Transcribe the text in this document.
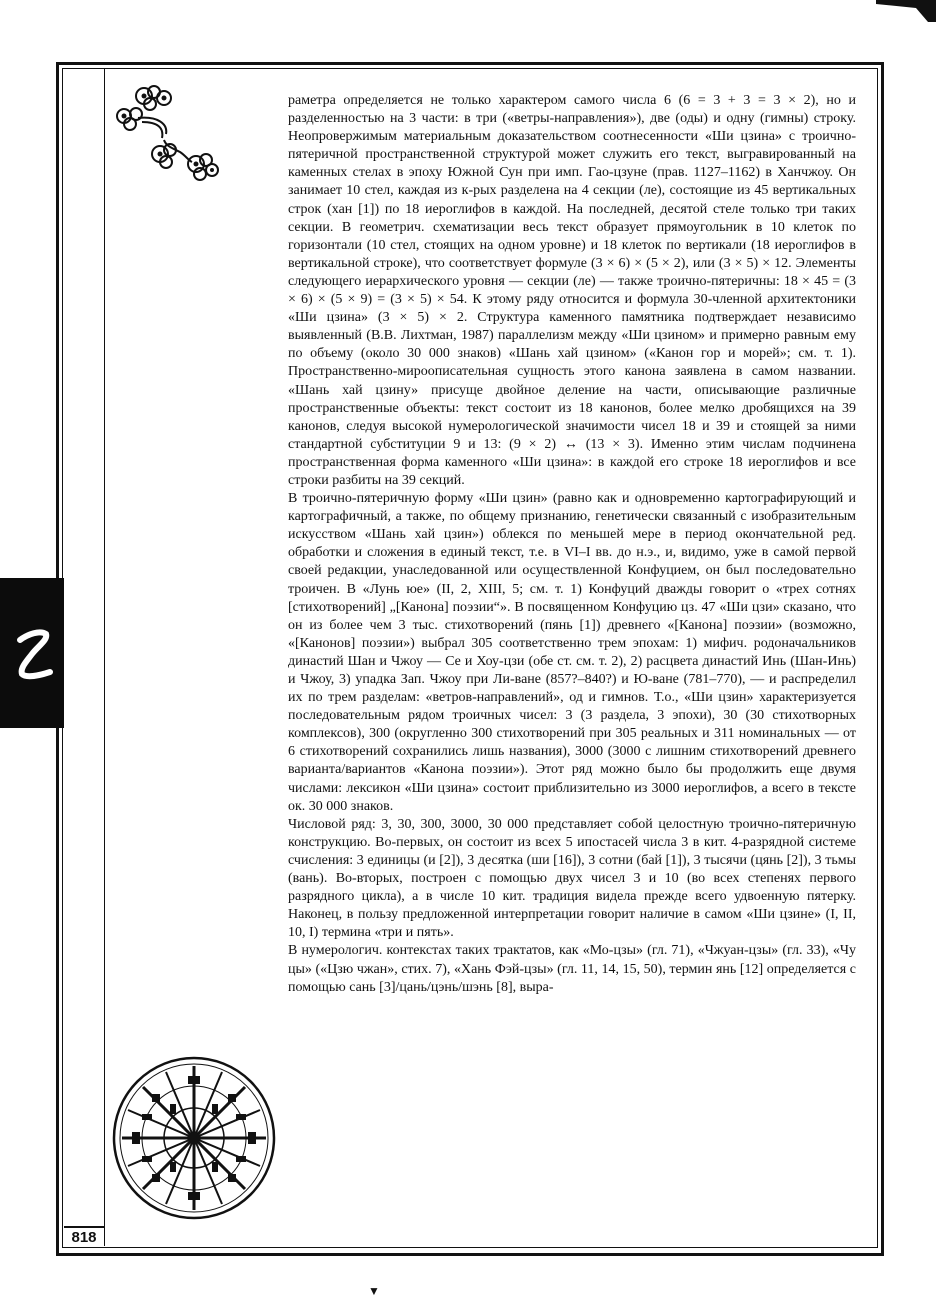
818

раметра определяется не только характером самого числа 6 (6 = 3 + 3 = 3 × 2), но и разделенностью на 3 части: в три («ветры-направления»), две (оды) и одну (гимны) строку. Неопровержимым материальным доказательством соотнесенности «Ши цзина» с троично-пятеричной пространственной структурой может служить его текст, выгравированный на каменных стелах в эпоху Южной Сун при имп. Гао-цзуне (прав. 1127–1162) в Ханчжоу. Он занимает 10 стел, каждая из к-рых разделена на 4 секции (ле), состоящие из 45 вертикальных строк (хан [1]) по 18 иероглифов в каждой. На последней, десятой стеле только три таких секции. В геометрич. схематизации весь текст образует прямоугольник в 10 клеток по горизонтали (10 стел, стоящих на одном уровне) и 18 клеток по вертикали (18 иероглифов в вертикальной строке), что соответствует формуле (3 × 6) × (5 × 2), или (3 × 5) × 12. Элементы следующего иерархического уровня — секции (ле) — также троично-пятеричны: 18 × 45 = (3 × 6) × (5 × 9) = (3 × 5) × 54. К этому ряду относится и формула 30-членной архитектоники «Ши цзина» (3 × 5) × 2. Структура каменного памятника подтверждает независимо выявленный (В.В. Лихтман, 1987) параллелизм между «Ши цзином» и примерно равным ему по объему (около 30 000 знаков) «Шань хай цзином» («Канон гор и морей»; см. т. 1). Пространственно-мироописательная сущность этого канона заявлена в самом названии. «Шань хай цзину» присуще двойное деление на части, описывающие различные пространственные объекты: текст состоит из 18 канонов, более мелко дробящихся на 39 канонов, следуя высокой нумерологической значимости чисел 18 и 39 и стоящей за ними стандартной субституции 9 и 13: (9 × 2) ↔ (13 × 3). Именно этим числам подчинена пространственная форма каменного «Ши цзина»: в каждой его строке 18 иероглифов и все строки разбиты на 39 секций.

В троично-пятеричную форму «Ши цзин» (равно как и одновременно картографирующий и картографичный, а также, по общему признанию, генетически связанный с изобразительным искусством «Шань хай цзин») облекся по меньшей мере в период окончательной ред. обработки и сложения в единый текст, т.е. в VI–I вв. до н.э., и, видимо, уже в самой первой своей редакции, унаследованной или осуществленной Конфуцием, он был последовательно троичен. В «Лунь юе» (II, 2, XIII, 5; см. т. 1) Конфуций дважды говорит о «трех сотнях [стихотворений] „[Канона] поэзии“». В посвященном Конфуцию цз. 47 «Ши цзи» сказано, что он из более чем 3 тыс. стихотворений (пянь [1]) древнего «[Канона] поэзии» (возможно, «[Канонов] поэзии») выбрал 305 соответственно трем эпохам: 1) мифич. родоначальников династий Шан и Чжоу — Се и Хоу-цзи (обе ст. см. т. 2), 2) расцвета династий Инь (Шан-Инь) и Чжоу, 3) упадка Зап. Чжоу при Ли-ване (857?–840?) и Ю-ване (781–770), — и распределил их по трем разделам: «ветров-направлений», од и гимнов. Т.о., «Ши цзин» характеризуется последовательным рядом троичных чисел: 3 (3 раздела, 3 эпохи), 30 (30 стихотворных комплексов), 300 (округленно 300 стихотворений при 305 реальных и 311 номинальных — от 6 стихотворений сохранились лишь названия), 3000 (3000 с лишним стихотворений древнего варианта/вариантов «Канона поэзии»). Этот ряд можно было бы продолжить еще двумя числами: лексикон «Ши цзина» состоит приблизительно из 3000 иероглифов, а всего в тексте ок. 30 000 знаков.

Числовой ряд: 3, 30, 300, 3000, 30 000 представляет собой целостную троично-пятеричную конструкцию. Во-первых, он состоит из всех 5 ипостасей числа 3 в кит. 4-разрядной системе счисления: 3 единицы (и [2]), 3 десятка (ши [16]), 3 сотни (бай [1]), 3 тысячи (цянь [2]), 3 тьмы (вань). Во-вторых, построен с помощью двух чисел 3 и 10 (во всех степенях первого разрядного цикла), а в числе 10 кит. традиция видела прежде всего удвоенную пятерку. Наконец, в пользу предложенной интерпретации говорит наличие в самом «Ши цзине» (I, II, 10, I) термина «три и пять».

В нумерологич. контекстах таких трактатов, как «Мо-цзы» (гл. 71), «Чжуан-цзы» (гл. 33), «Чу цы» («Цзю чжан», стих. 7), «Хань Фэй-цзы» (гл. 11, 14, 15, 50), термин янь [12] определяется с помощью сань [3]/цань/цэнь/шэнь [8], выра-

▼
